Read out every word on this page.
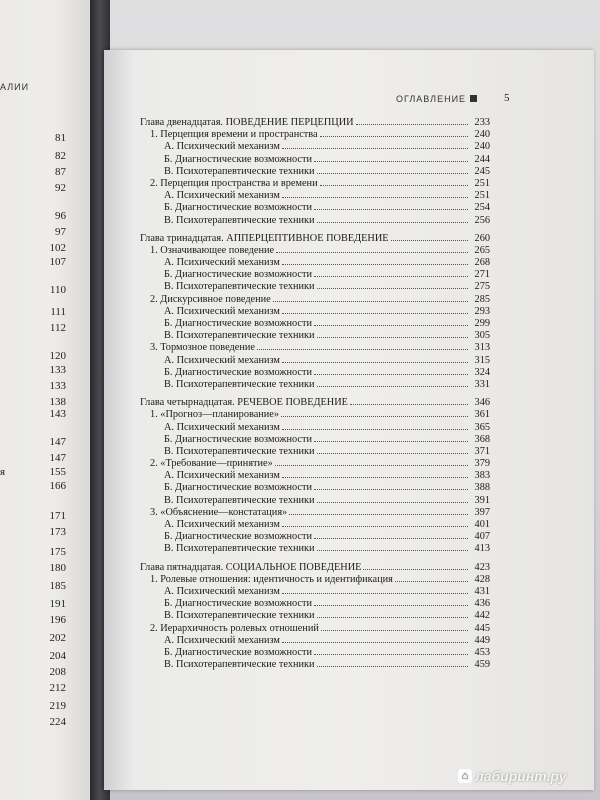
АЛИИ
81
82
87
92
96
97
102
107
110
111
112
120
133
133
138
143
147
147
155
166
171
173
175
180
185
191
196
202
204
208
212
219
224
я
ОГЛАВЛЕНИЕ	5
Глава двенадцатая. ПОВЕДЕНИЕ ПЕРЦЕПЦИИ	233
1. Перцепция времени и пространства	240
А. Психический механизм	240
Б. Диагностические возможности	244
В. Психотерапевтические техники	245
2. Перцепция пространства и времени	251
А. Психический механизм	251
Б. Диагностические возможности	254
В. Психотерапевтические техники	256
Глава тринадцатая. АППЕРЦЕПТИВНОЕ ПОВЕДЕНИЕ	260
1. Означивающее поведение	265
А. Психический механизм	268
Б. Диагностические возможности	271
В. Психотерапевтические техники	275
2. Дискурсивное поведение	285
А. Психический механизм	293
Б. Диагностические возможности	299
В. Психотерапевтические техники	305
3. Тормозное поведение	313
А. Психический механизм	315
Б. Диагностические возможности	324
В. Психотерапевтические техники	331
Глава четырнадцатая. РЕЧЕВОЕ ПОВЕДЕНИЕ	346
1. «Прогноз—планирование»	361
А. Психический механизм	365
Б. Диагностические возможности	368
В. Психотерапевтические техники	371
2. «Требование—принятие»	379
А. Психический механизм	383
Б. Диагностические возможности	388
В. Психотерапевтические техники	391
3. «Объяснение—констатация»	397
А. Психический механизм	401
Б. Диагностические возможности	407
В. Психотерапевтические техники	413
Глава пятнадцатая. СОЦИАЛЬНОЕ ПОВЕДЕНИЕ	423
1. Ролевые отношения: идентичность и идентификация	428
А. Психический механизм	431
Б. Диагностические возможности	436
В. Психотерапевтические техники	442
2. Иерархичность ролевых отношений	445
А. Психический механизм	449
Б. Диагностические возможности	453
В. Психотерапевтические техники	459
⌂ лабиринт.ру
